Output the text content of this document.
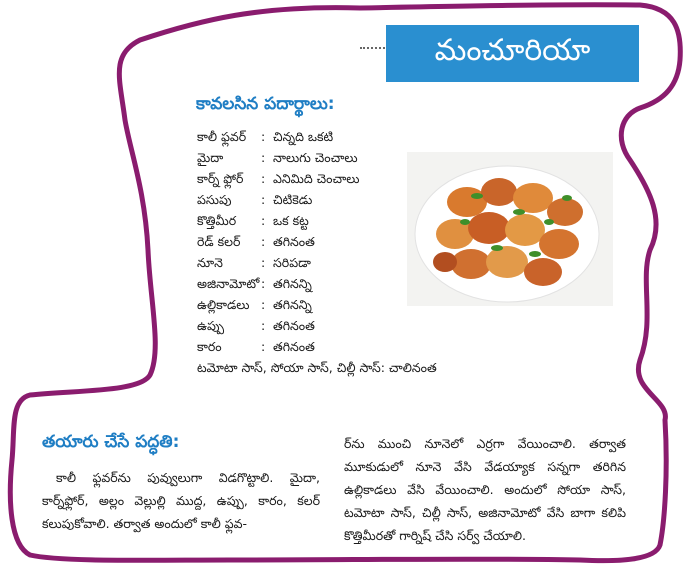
మంచూరియా
కావలసిన పదార్థాలు:
కాలీ ఫ్లవర్	: చిన్నది ఒకటి
మైదా	: నాలుగు చెంచాలు
కార్న్ ఫ్లోర్	: ఎనిమిది చెంచాలు
పసుపు	: చిటికెడు
కొత్తిమీర	: ఒక కట్ట
రెడ్ కలర్	: తగినంత
నూనె	: సరిపడా
అజినామోటో : తగినన్ని
ఉల్లికాడలు : తగినన్ని
ఉప్పు	: తగినంత
కారం	: తగినంత
టమోటా సాస్, సోయా సాస్, చిల్లీ సాస్: చాలినంత
తయారు చేసే పద్ధతి:

కాలీ ఫ్లవర్‌ను పువ్వులుగా విడగొట్టాలి. మైదా, కార్న్‌ఫ్లోర్, అల్లం వెల్లుల్లి ముద్ద, ఉప్పు, కారం, కలర్ కలుపుకోవాలి. తర్వాత అందులో కాలీ ఫ్లవ-

ర్‌ను ముంచి నూనెలో ఎర్రగా వేయించాలి. తర్వాత మూకుడులో నూనె వేసి వేడయ్యాక సన్నగా తరిగిన ఉల్లికాడలు వేసి వేయించాలి. అందులో సోయా సాస్, టమోటా సాస్, చిల్లీ సాస్, అజినామోటో వేసి బాగా కలిపి కొత్తిమీరతో గార్నిష్ చేసి సర్వ్ చేయాలి.
